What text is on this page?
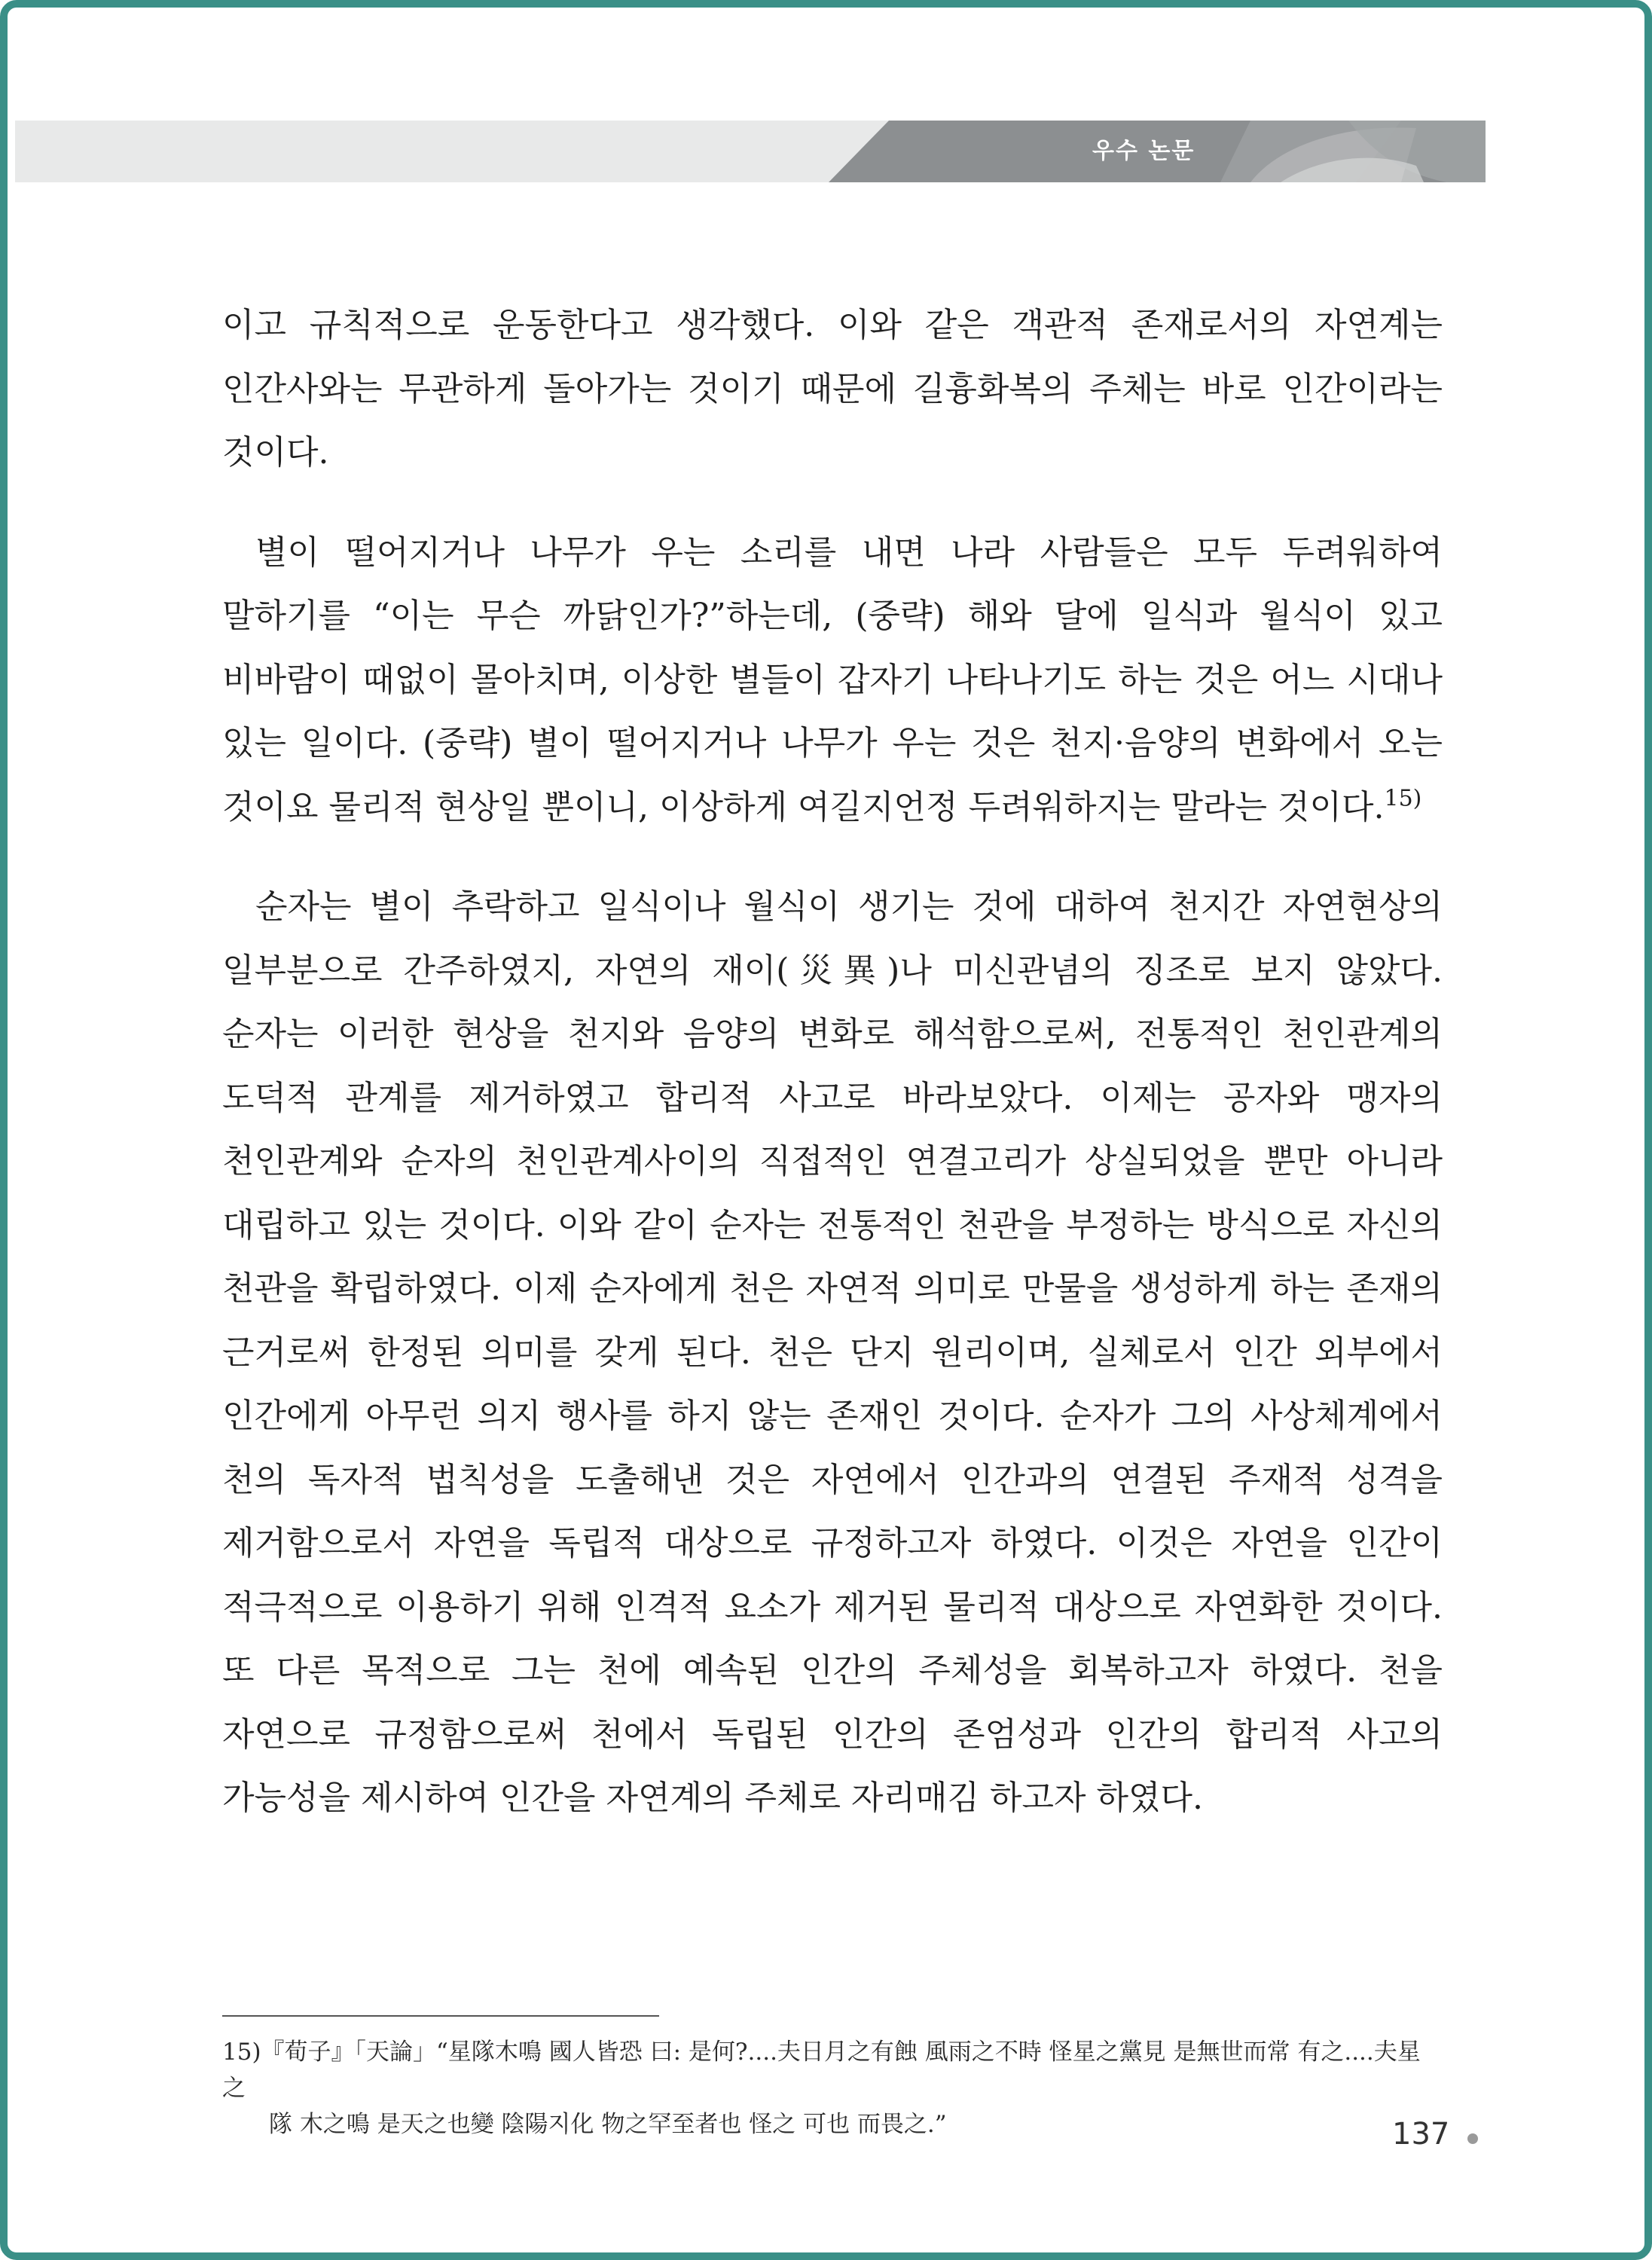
우수 논문

이고 규칙적으로 운동한다고 생각했다. 이와 같은 객관적 존재로서의 자연계는 인간사와는 무관하게 돌아가는 것이기 때문에 길흉화복의 주체는 바로 인간이라는 것이다.

별이 떨어지거나 나무가 우는 소리를 내면 나라 사람들은 모두 두려워하여 말하기를 “이는 무슨 까닭인가?”하는데, (중략) 해와 달에 일식과 월식이 있고 비바람이 때없이 몰아치며, 이상한 별들이 갑자기 나타나기도 하는 것은 어느 시대나 있는 일이다. (중략) 별이 떨어지거나 나무가 우는 것은 천지·음양의 변화에서 오는 것이요 물리적 현상일 뿐이니, 이상하게 여길지언정 두려워하지는 말라는 것이다.$^{15)}$

순자는 별이 추락하고 일식이나 월식이 생기는 것에 대하여 천지간 자연현상의 일부분으로 간주하였지, 자연의 재이(災異)나 미신관념의 징조로 보지 않았다. 순자는 이러한 현상을 천지와 음양의 변화로 해석함으로써, 전통적인 천인관계의 도덕적 관계를 제거하였고 합리적 사고로 바라보았다. 이제는 공자와 맹자의 천인관계와 순자의 천인관계사이의 직접적인 연결고리가 상실되었을 뿐만 아니라 대립하고 있는 것이다. 이와 같이 순자는 전통적인 천관을 부정하는 방식으로 자신의 천관을 확립하였다. 이제 순자에게 천은 자연적 의미로 만물을 생성하게 하는 존재의 근거로써 한정된 의미를 갖게 된다. 천은 단지 원리이며, 실체로서 인간 외부에서 인간에게 아무런 의지 행사를 하지 않는 존재인 것이다. 순자가 그의 사상체계에서 천의 독자적 법칙성을 도출해낸 것은 자연에서 인간과의 연결된 주재적 성격을 제거함으로서 자연을 독립적 대상으로 규정하고자 하였다. 이것은 자연을 인간이 적극적으로 이용하기 위해 인격적 요소가 제거된 물리적 대상으로 자연화한 것이다. 또 다른 목적으로 그는 천에 예속된 인간의 주체성을 회복하고자 하였다. 천을 자연으로 규정함으로써 천에서 독립된 인간의 존엄성과 인간의 합리적 사고의 가능성을 제시하여 인간을 자연계의 주체로 자리매김 하고자 하였다.

15)『荀子』「天論」“星隊木鳴 國人皆恐 曰: 是何?....夫日月之有蝕 風雨之不時 怪星之黨見 是無世而常 有之....夫星之
隊 木之鳴 是天之也變 陰陽지化 物之罕至者也 怪之 可也 而畏之.”	137
